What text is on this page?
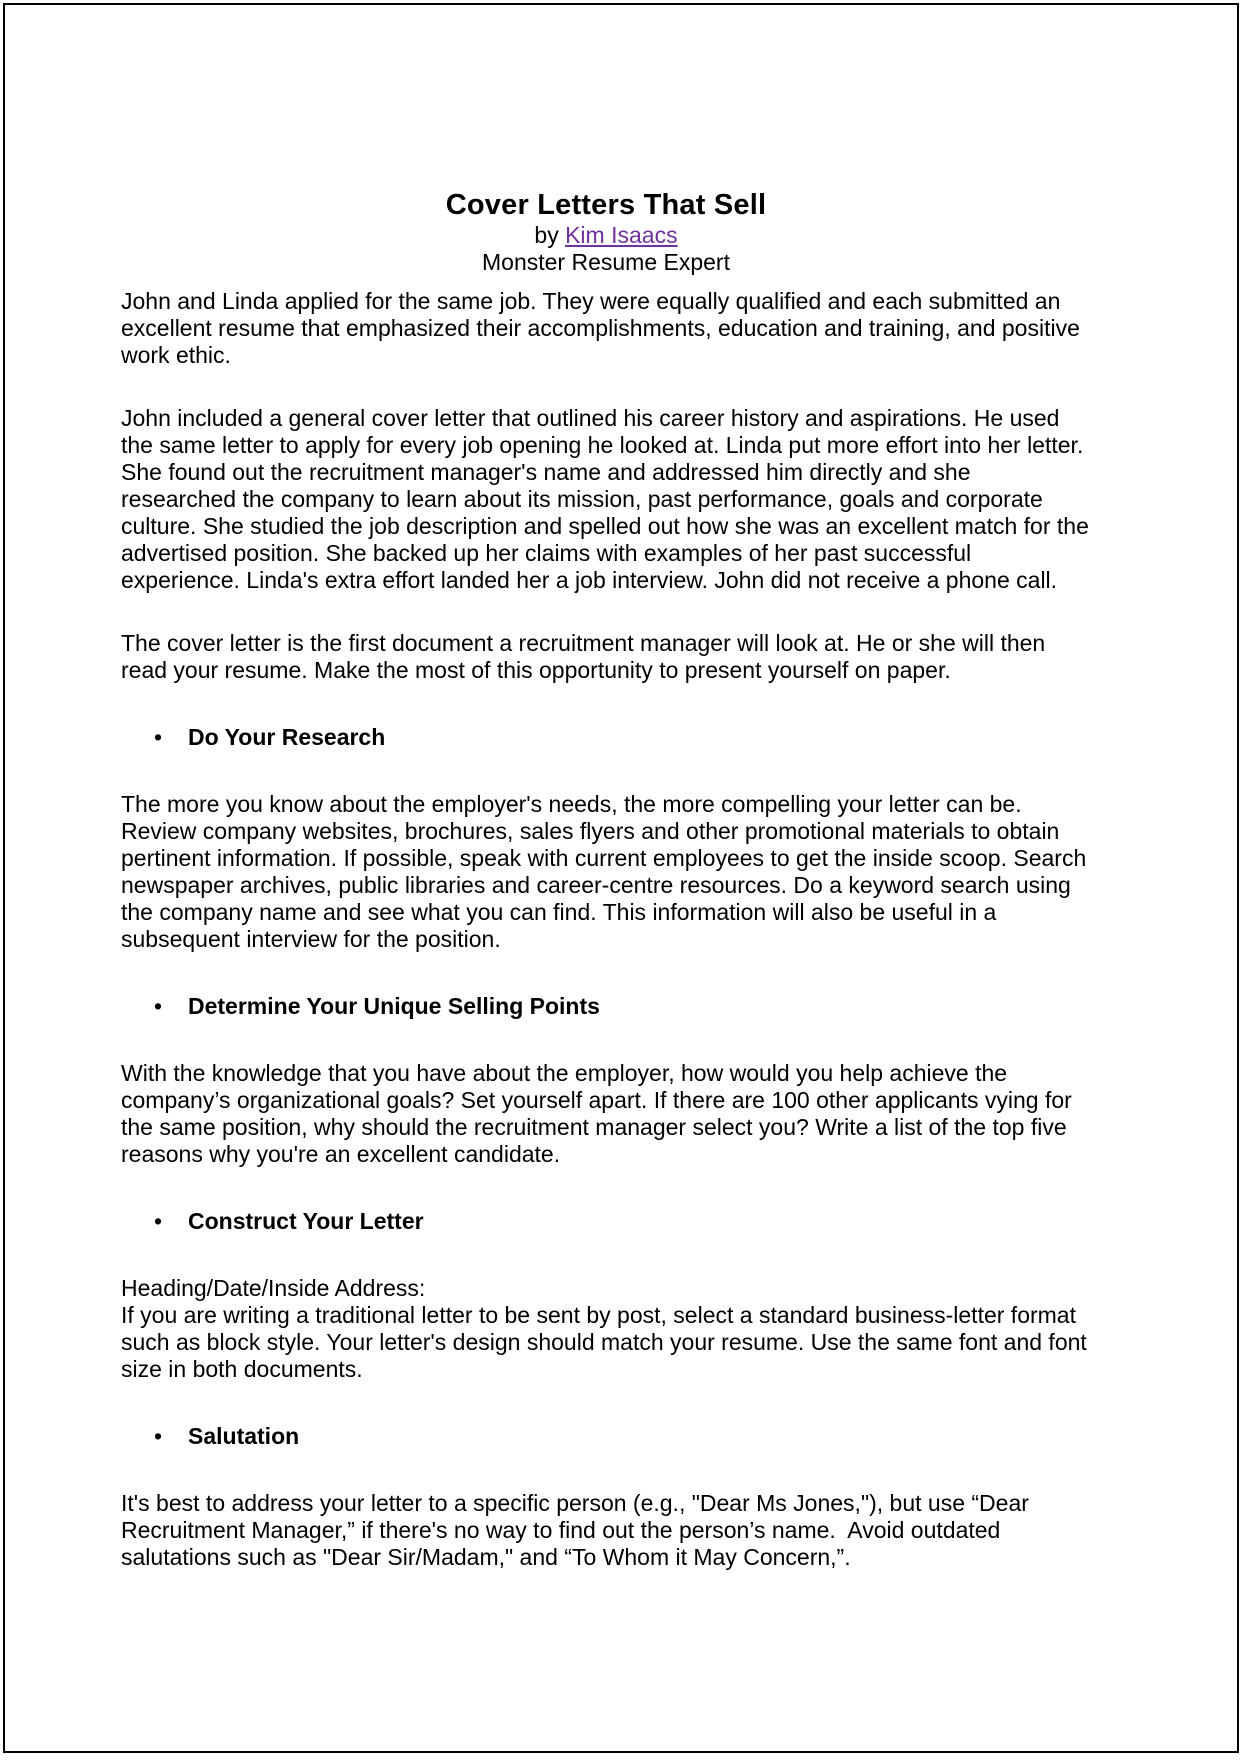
Cover Letters That Sell
by Kim Isaacs
Monster Resume Expert

John and Linda applied for the same job. They were equally qualified and each submitted an excellent resume that emphasized their accomplishments, education and training, and positive work ethic.

John included a general cover letter that outlined his career history and aspirations. He used the same letter to apply for every job opening he looked at. Linda put more effort into her letter. She found out the recruitment manager's name and addressed him directly and she researched the company to learn about its mission, past performance, goals and corporate culture. She studied the job description and spelled out how she was an excellent match for the advertised position. She backed up her claims with examples of her past successful experience. Linda's extra effort landed her a job interview. John did not receive a phone call.

The cover letter is the first document a recruitment manager will look at. He or she will then read your resume. Make the most of this opportunity to present yourself on paper.

•	Do Your Research

The more you know about the employer's needs, the more compelling your letter can be. Review company websites, brochures, sales flyers and other promotional materials to obtain pertinent information. If possible, speak with current employees to get the inside scoop. Search newspaper archives, public libraries and career-centre resources. Do a keyword search using the company name and see what you can find. This information will also be useful in a subsequent interview for the position.

•	Determine Your Unique Selling Points

With the knowledge that you have about the employer, how would you help achieve the company’s organizational goals? Set yourself apart. If there are 100 other applicants vying for the same position, why should the recruitment manager select you? Write a list of the top five reasons why you're an excellent candidate.

•	Construct Your Letter

Heading/Date/Inside Address:
If you are writing a traditional letter to be sent by post, select a standard business-letter format such as block style. Your letter's design should match your resume. Use the same font and font size in both documents.

•	Salutation

It's best to address your letter to a specific person (e.g., "Dear Ms Jones,"), but use “Dear Recruitment Manager,” if there's no way to find out the person’s name.  Avoid outdated salutations such as "Dear Sir/Madam," and “To Whom it May Concern,”.
